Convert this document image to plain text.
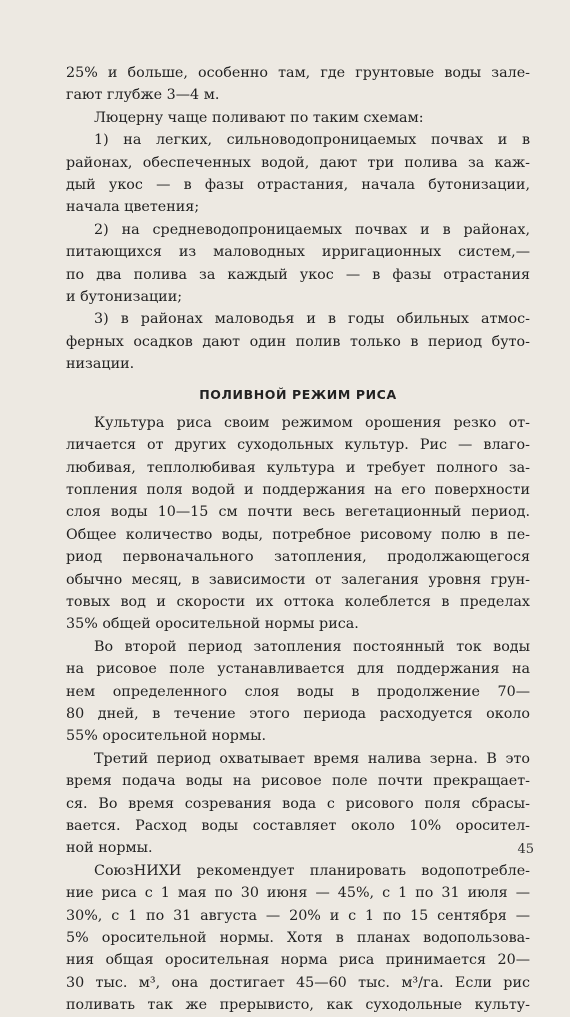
25% и больше, особенно там, где грунтовые воды зале-
гают глубже 3—4 м.
Люцерну чаще поливают по таким схемам:
1) на легких, сильноводопроницаемых почвах и в
районах, обеспеченных водой, дают три полива за каж-
дый укос — в фазы отрастания, начала бутонизации,
начала цветения;
2) на средневодопроницаемых почвах и в районах,
питающихся из маловодных ирригационных систем,—
по два полива за каждый укос — в фазы отрастания
и бутонизации;
3) в районах маловодья и в годы обильных атмос-
ферных осадков дают один полив только в период буто-
низации.
ПОЛИВНОЙ РЕЖИМ РИСА
Культура риса своим режимом орошения резко от-
личается от других суходольных культур. Рис — влаго-
любивая, теплолюбивая культура и требует полного за-
топления поля водой и поддержания на его поверхности
слоя воды 10—15 см почти весь вегетационный период.
Общее количество воды, потребное рисовому полю в пе-
риод первоначального затопления, продолжающегося
обычно месяц, в зависимости от залегания уровня грун-
товых вод и скорости их оттока колеблется в пределах
35% общей оросительной нормы риса.
Во второй период затопления постоянный ток воды
на рисовое поле устанавливается для поддержания на
нем определенного слоя воды в продолжение 70—
80 дней, в течение этого периода расходуется около
55% оросительной нормы.
Третий период охватывает время налива зерна. В это
время подача воды на рисовое поле почти прекращает-
ся. Во время созревания вода с рисового поля сбрасы-
вается. Расход воды составляет около 10% оросител-
ной нормы.
СоюзНИХИ рекомендует планировать водопотребле-
ние риса с 1 мая по 30 июня — 45%, с 1 по 31 июля —
30%, с 1 по 31 августа — 20% и с 1 по 15 сентября —
5% оросительной нормы. Хотя в планах водопользова-
ния общая оросительная норма риса принимается 20—
30 тыс. м³, она достигает 45—60 тыс. м³/га. Если рис
поливать так же прерывисто, как суходольные культу-
45
